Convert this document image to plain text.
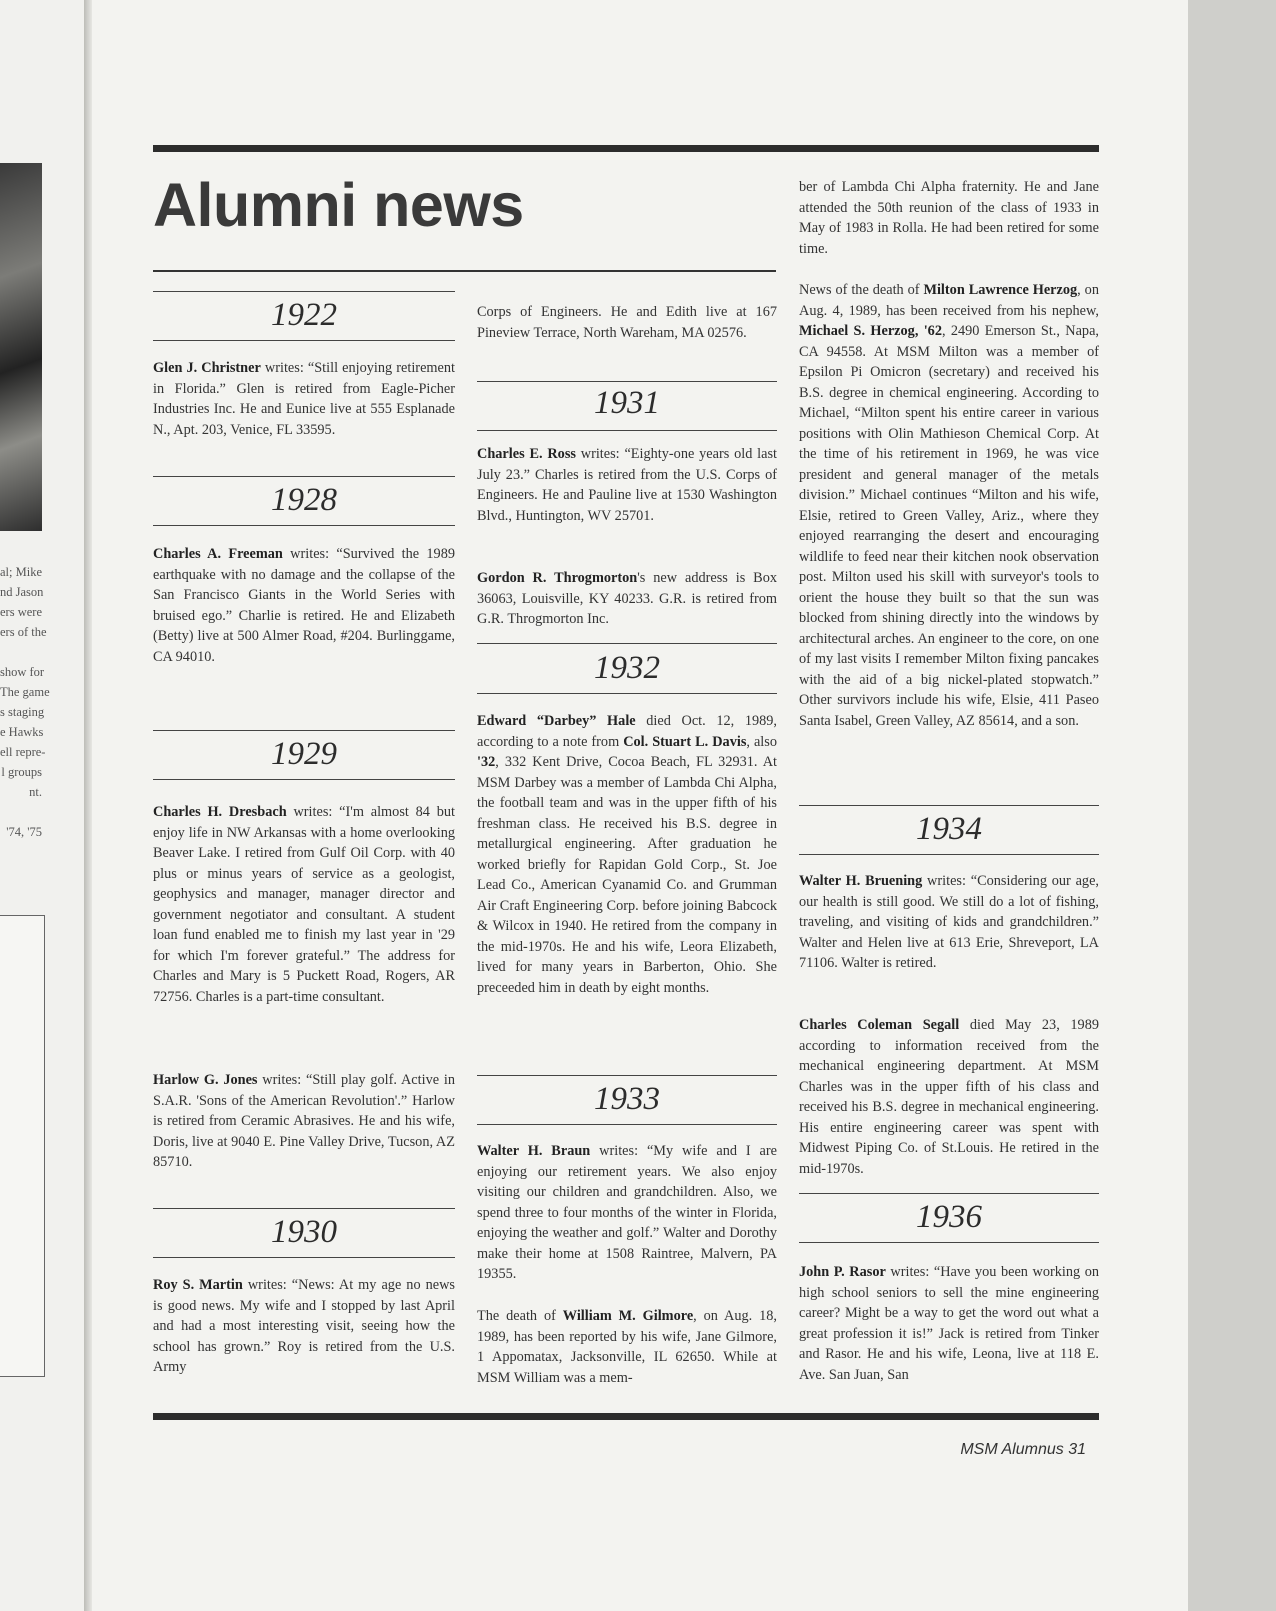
al; Mike
nd Jason
ers were
ers of the
show for
The game
s staging
e Hawks
ell repre-
l groups
nt.
'74, '75
Alumni news
1922

Glen J. Christner writes: “Still enjoying retirement in Florida.” Glen is retired from Eagle-Picher Industries Inc. He and Eunice live at 555 Esplanade N., Apt. 203, Venice, FL 33595.

1928

Charles A. Freeman writes: “Survived the 1989 earthquake with no damage and the collapse of the San Francisco Giants in the World Series with bruised ego.” Charlie is retired. He and Elizabeth (Betty) live at 500 Almer Road, #204. Burlinggame, CA 94010.

1929

Charles H. Dresbach writes: “I'm almost 84 but enjoy life in NW Arkansas with a home overlooking Beaver Lake. I retired from Gulf Oil Corp. with 40 plus or minus years of service as a geologist, geophysics and manager, manager director and government negotiator and consultant. A student loan fund enabled me to finish my last year in '29 for which I'm forever grateful.” The address for Charles and Mary is 5 Puckett Road, Rogers, AR 72756. Charles is a part-time consultant.

Harlow G. Jones writes: “Still play golf. Active in S.A.R. 'Sons of the American Revolution'.” Harlow is retired from Ceramic Abrasives. He and his wife, Doris, live at 9040 E. Pine Valley Drive, Tucson, AZ 85710.

1930

Roy S. Martin writes: “News: At my age no news is good news. My wife and I stopped by last April and had a most interesting visit, seeing how the school has grown.” Roy is retired from the U.S. Army

Corps of Engineers. He and Edith live at 167 Pineview Terrace, North Wareham, MA 02576.

1931

Charles E. Ross writes: “Eighty-one years old last July 23.” Charles is retired from the U.S. Corps of Engineers. He and Pauline live at 1530 Washington Blvd., Huntington, WV 25701.

Gordon R. Throgmorton's new address is Box 36063, Louisville, KY 40233. G.R. is retired from G.R. Throgmorton Inc.

1932

Edward “Darbey” Hale died Oct. 12, 1989, according to a note from Col. Stuart L. Davis, also '32, 332 Kent Drive, Cocoa Beach, FL 32931. At MSM Darbey was a member of Lambda Chi Alpha, the football team and was in the upper fifth of his freshman class. He received his B.S. degree in metallurgical engineering. After graduation he worked briefly for Rapidan Gold Corp., St. Joe Lead Co., American Cyanamid Co. and Grumman Air Craft Engineering Corp. before joining Babcock & Wilcox in 1940. He retired from the company in the mid-1970s. He and his wife, Leora Elizabeth, lived for many years in Barberton, Ohio. She preceeded him in death by eight months.

1933

Walter H. Braun writes: “My wife and I are enjoying our retirement years. We also enjoy visiting our children and grandchildren. Also, we spend three to four months of the winter in Florida, enjoying the weather and golf.” Walter and Dorothy make their home at 1508 Raintree, Malvern, PA 19355.

The death of William M. Gilmore, on Aug. 18, 1989, has been reported by his wife, Jane Gilmore, 1 Appomatax, Jacksonville, IL 62650. While at MSM William was a mem-

ber of Lambda Chi Alpha fraternity. He and Jane attended the 50th reunion of the class of 1933 in May of 1983 in Rolla. He had been retired for some time.

News of the death of Milton Lawrence Herzog, on Aug. 4, 1989, has been received from his nephew, Michael S. Herzog, '62, 2490 Emerson St., Napa, CA 94558. At MSM Milton was a member of Epsilon Pi Omicron (secretary) and received his B.S. degree in chemical engineering. According to Michael, “Milton spent his entire career in various positions with Olin Mathieson Chemical Corp. At the time of his retirement in 1969, he was vice president and general manager of the metals division.” Michael continues “Milton and his wife, Elsie, retired to Green Valley, Ariz., where they enjoyed rearranging the desert and encouraging wildlife to feed near their kitchen nook observation post. Milton used his skill with surveyor's tools to orient the house they built so that the sun was blocked from shining directly into the windows by architectural arches. An engineer to the core, on one of my last visits I remember Milton fixing pancakes with the aid of a big nickel-plated stopwatch.” Other survivors include his wife, Elsie, 411 Paseo Santa Isabel, Green Valley, AZ 85614, and a son.

1934

Walter H. Bruening writes: “Considering our age, our health is still good. We still do a lot of fishing, traveling, and visiting of kids and grandchildren.” Walter and Helen live at 613 Erie, Shreveport, LA 71106. Walter is retired.

Charles Coleman Segall died May 23, 1989 according to information received from the mechanical engineering department. At MSM Charles was in the upper fifth of his class and received his B.S. degree in mechanical engineering. His entire engineering career was spent with Midwest Piping Co. of St.Louis. He retired in the mid-1970s.

1936

John P. Rasor writes: “Have you been working on high school seniors to sell the mine engineering career? Might be a way to get the word out what a great profession it is!” Jack is retired from Tinker and Rasor. He and his wife, Leona, live at 118 E. Ave. San Juan, San

MSM Alumnus 31
